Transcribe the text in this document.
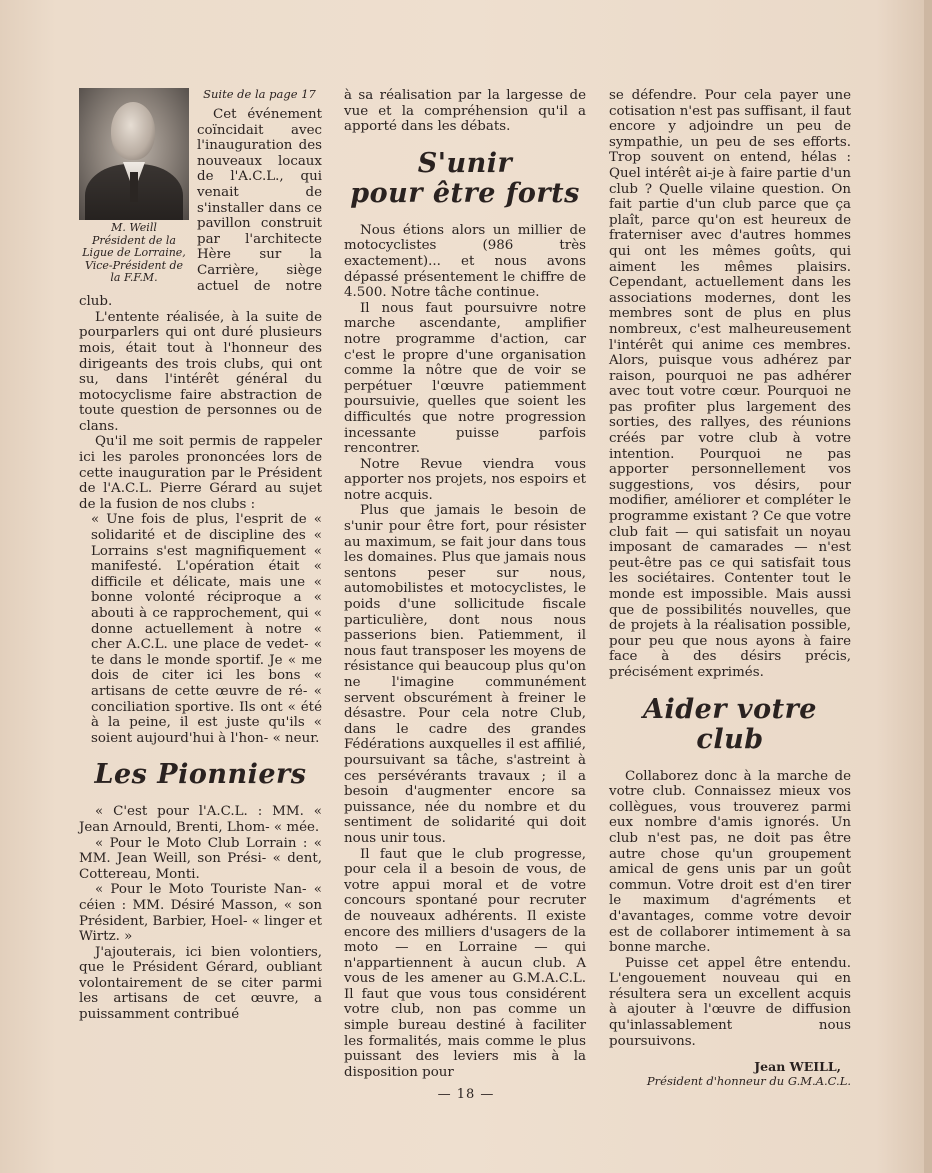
M. Weill
Président de la Ligue de Lorraine, Vice-Président de la F.F.M.
Suite de la page 17

Cet événement coïncidait avec l'inauguration des nouveaux locaux de l'A.C.L., qui venait de s'installer dans ce pavillon construit par l'architecte Hère sur la Carrière, siège actuel de notre club.

L'entente réalisée, à la suite de pourparlers qui ont duré plusieurs mois, était tout à l'honneur des dirigeants des trois clubs, qui ont su, dans l'intérêt général du motocyclisme faire abstraction de toute question de personnes ou de clans.

Qu'il me soit permis de rappeler ici les paroles prononcées lors de cette inauguration par le Président de l'A.C.L. Pierre Gérard au sujet de la fusion de nos clubs :

« Une fois de plus, l'esprit de « solidarité et de discipline des « Lorrains s'est magnifiquement « manifesté. L'opération était « difficile et délicate, mais une « bonne volonté réciproque a « abouti à ce rapprochement, qui « donne actuellement à notre « cher A.C.L. une place de vedet- « te dans le monde sportif. Je « me dois de citer ici les bons « artisans de cette œuvre de ré- « conciliation sportive. Ils ont « été à la peine, il est juste qu'ils « soient aujourd'hui à l'hon- « neur.

Les Pionniers

« C'est pour l'A.C.L. : MM. « Jean Arnould, Brenti, Lhom- « mée.

« Pour le Moto Club Lorrain : « MM. Jean Weill, son Prési- « dent, Cottereau, Monti.

« Pour le Moto Touriste Nan- « céien : MM. Désiré Masson, « son Président, Barbier, Hoel- « linger et Wirtz. »

J'ajouterais, ici bien volontiers, que le Président Gérard, oubliant volontairement de se citer parmi les artisans de cet œuvre, a puissamment contribué

à sa réalisation par la largesse de vue et la compréhension qu'il a apporté dans les débats.

S'unir
pour être forts

Nous étions alors un millier de motocyclistes (986 très exactement)... et nous avons dépassé présentement le chiffre de 4.500. Notre tâche continue.

Il nous faut poursuivre notre marche ascendante, amplifier notre programme d'action, car c'est le propre d'une organisation comme la nôtre que de voir se perpétuer l'œuvre patiemment poursuivie, quelles que soient les difficultés que notre progression incessante puisse parfois rencontrer.

Notre Revue viendra vous apporter nos projets, nos espoirs et notre acquis.

Plus que jamais le besoin de s'unir pour être fort, pour résister au maximum, se fait jour dans tous les domaines. Plus que jamais nous sentons peser sur nous, automobilistes et motocyclistes, le poids d'une sollicitude fiscale particulière, dont nous nous passerions bien. Patiemment, il nous faut transposer les moyens de résistance qui beaucoup plus qu'on ne l'imagine communément servent obscurément à freiner le désastre. Pour cela notre Club, dans le cadre des grandes Fédérations auxquelles il est affilié, poursuivant sa tâche, s'astreint à ces persévérants travaux ; il a besoin d'augmenter encore sa puissance, née du nombre et du sentiment de solidarité qui doit nous unir tous.

Il faut que le club progresse, pour cela il a besoin de vous, de votre appui moral et de votre concours spontané pour recruter de nouveaux adhérents. Il existe encore des milliers d'usagers de la moto — en Lorraine — qui n'appartiennent à aucun club. A vous de les amener au G.M.A.C.L. Il faut que vous tous considérent votre club, non pas comme un simple bureau destiné à faciliter les formalités, mais comme le plus puissant des leviers mis à la disposition pour

se défendre. Pour cela payer une cotisation n'est pas suffisant, il faut encore y adjoindre un peu de sympathie, un peu de ses efforts. Trop souvent on entend, hélas : Quel intérêt ai-je à faire partie d'un club ? Quelle vilaine question. On fait partie d'un club parce que ça plaît, parce qu'on est heureux de fraterniser avec d'autres hommes qui ont les mêmes goûts, qui aiment les mêmes plaisirs. Cependant, actuellement dans les associations modernes, dont les membres sont de plus en plus nombreux, c'est malheureusement l'intérêt qui anime ces membres. Alors, puisque vous adhérez par raison, pourquoi ne pas adhérer avec tout votre cœur. Pourquoi ne pas profiter plus largement des sorties, des rallyes, des réunions créés par votre club à votre intention. Pourquoi ne pas apporter personnellement vos suggestions, vos désirs, pour modifier, améliorer et compléter le programme existant ? Ce que votre club fait — qui satisfait un noyau imposant de camarades — n'est peut-être pas ce qui satisfait tous les sociétaires. Contenter tout le monde est impossible. Mais aussi que de possibilités nouvelles, que de projets à la réalisation possible, pour peu que nous ayons à faire face à des désirs précis, précisément exprimés.

Aider votre club

Collaborez donc à la marche de votre club. Connaissez mieux vos collègues, vous trouverez parmi eux nombre d'amis ignorés. Un club n'est pas, ne doit pas être autre chose qu'un groupement amical de gens unis par un goût commun. Votre droit est d'en tirer le maximum d'agréments et d'avantages, comme votre devoir est de collaborer intimement à sa bonne marche.

Puisse cet appel être entendu. L'engouement nouveau qui en résultera sera un excellent acquis à ajouter à l'œuvre de diffusion qu'inlassablement nous poursuivons.

Jean WEILL,
Président d'honneur du G.M.A.C.L.
— 18 —
